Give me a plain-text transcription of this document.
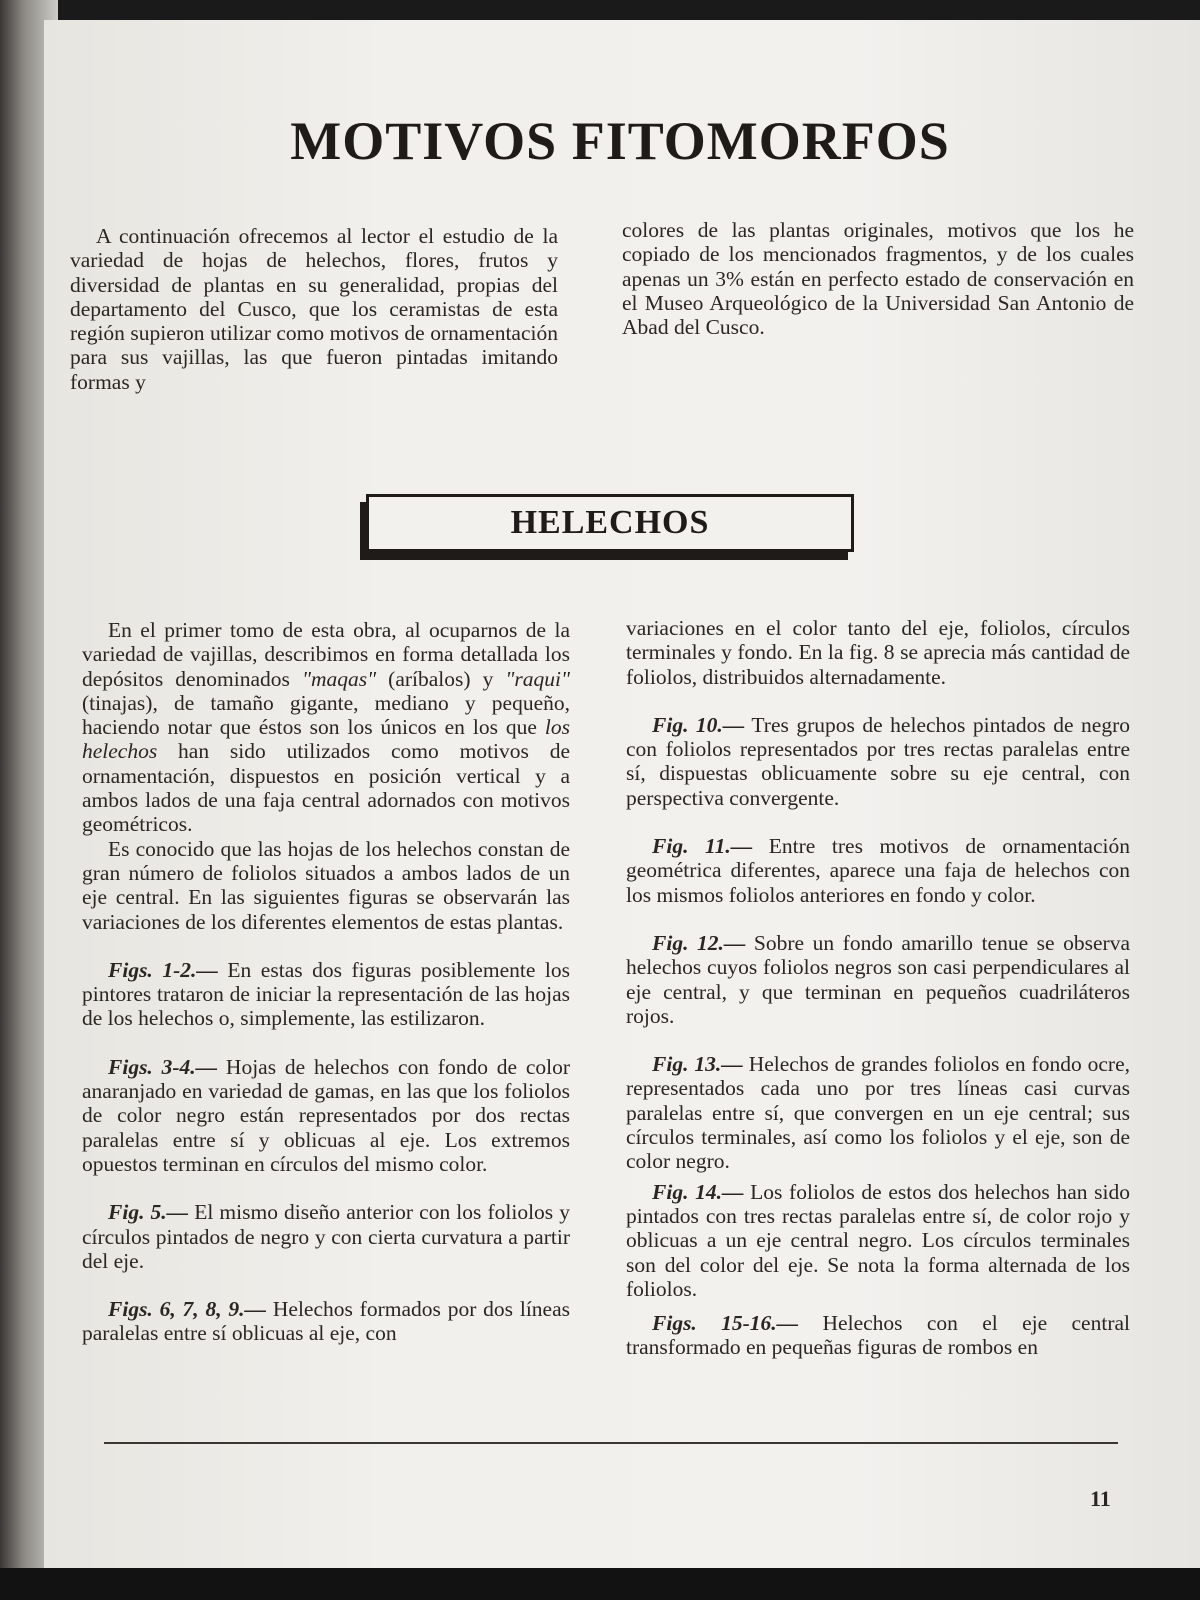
MOTIVOS FITOMORFOS

A continuación ofrecemos al lector el estudio de la variedad de hojas de helechos, flores, frutos y diversidad de plantas en su generalidad, propias del departamento del Cusco, que los ceramistas de esta región supieron utilizar como motivos de ornamentación para sus vajillas, las que fueron pintadas imitando formas y

colores de las plantas originales, motivos que los he copiado de los mencionados fragmentos, y de los cuales apenas un 3% están en perfecto estado de conservación en el Museo Arqueológico de la Universidad San Antonio de Abad del Cusco.

HELECHOS

En el primer tomo de esta obra, al ocuparnos de la variedad de vajillas, describimos en forma detallada los depósitos denominados "maqas" (aríbalos) y "raqui" (tinajas), de tamaño gigante, mediano y pequeño, haciendo notar que éstos son los únicos en los que los helechos han sido utilizados como motivos de ornamentación, dispuestos en posición vertical y a ambos lados de una faja central adornados con motivos geométricos.

Es conocido que las hojas de los helechos constan de gran número de foliolos situados a ambos lados de un eje central. En las siguientes figuras se observarán las variaciones de los diferentes elementos de estas plantas.

Figs. 1-2.— En estas dos figuras posiblemente los pintores trataron de iniciar la representación de las hojas de los helechos o, simplemente, las estilizaron.

Figs. 3-4.— Hojas de helechos con fondo de color anaranjado en variedad de gamas, en las que los foliolos de color negro están representados por dos rectas paralelas entre sí y oblicuas al eje. Los extremos opuestos terminan en círculos del mismo color.

Fig. 5.— El mismo diseño anterior con los foliolos y círculos pintados de negro y con cierta curvatura a partir del eje.

Figs. 6, 7, 8, 9.— Helechos formados por dos líneas paralelas entre sí oblicuas al eje, con

variaciones en el color tanto del eje, foliolos, círculos terminales y fondo. En la fig. 8 se aprecia más cantidad de foliolos, distribuidos alternadamente.

Fig. 10.— Tres grupos de helechos pintados de negro con foliolos representados por tres rectas paralelas entre sí, dispuestas oblicuamente sobre su eje central, con perspectiva convergente.

Fig. 11.— Entre tres motivos de ornamentación geométrica diferentes, aparece una faja de helechos con los mismos foliolos anteriores en fondo y color.

Fig. 12.— Sobre un fondo amarillo tenue se observa helechos cuyos foliolos negros son casi perpendiculares al eje central, y que terminan en pequeños cuadriláteros rojos.

Fig. 13.— Helechos de grandes foliolos en fondo ocre, representados cada uno por tres líneas casi curvas paralelas entre sí, que convergen en un eje central; sus círculos terminales, así como los foliolos y el eje, son de color negro.

Fig. 14.— Los foliolos de estos dos helechos han sido pintados con tres rectas paralelas entre sí, de color rojo y oblicuas a un eje central negro. Los círculos terminales son del color del eje. Se nota la forma alternada de los foliolos.

Figs. 15-16.— Helechos con el eje central transformado en pequeñas figuras de rombos en

11
